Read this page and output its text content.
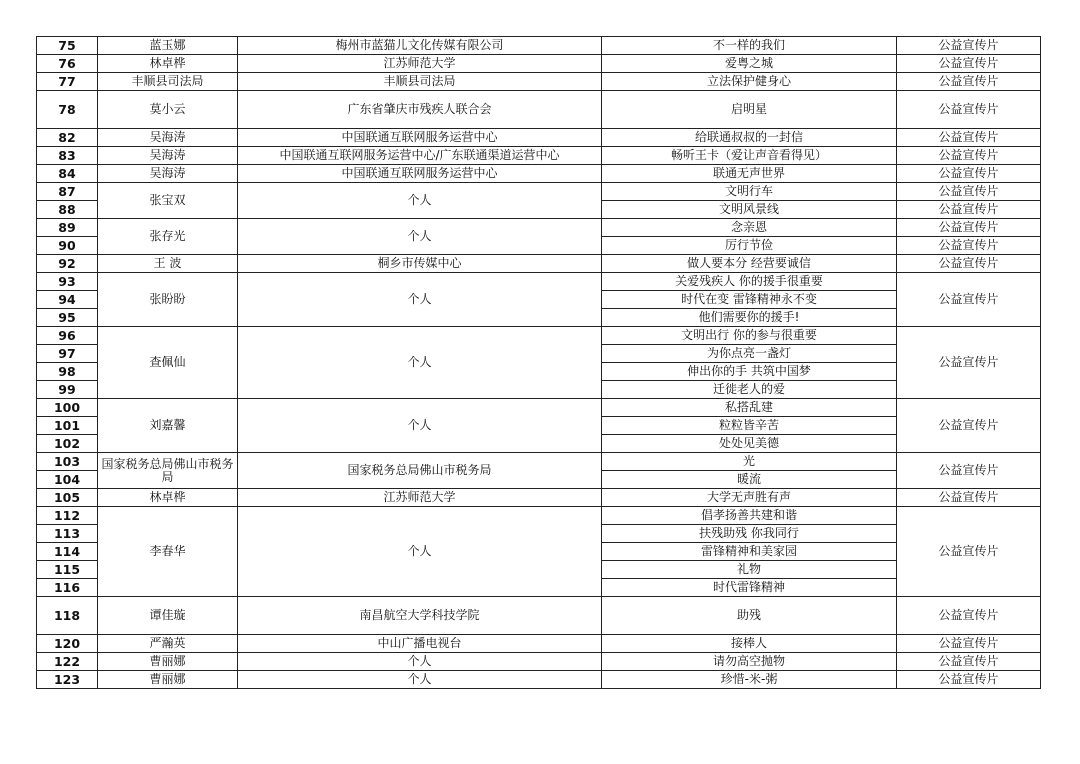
75	蓝玉娜	梅州市蓝猫儿文化传媒有限公司	不一样的我们	公益宣传片
76	林卓桦	江苏师范大学	爱粤之城	公益宣传片
77	丰顺县司法局	丰顺县司法局	立法保护健身心	公益宣传片
78	莫小云	广东省肇庆市残疾人联合会	启明星	公益宣传片
82	吴海涛	中国联通互联网服务运营中心	给联通叔叔的一封信	公益宣传片
83	吴海涛	中国联通互联网服务运营中心/广东联通渠道运营中心	畅听王卡（爱让声音看得见）	公益宣传片
84	吴海涛	中国联通互联网服务运营中心	联通无声世界	公益宣传片
87	张宝双	个人	文明行车	公益宣传片
88			文明风景线	公益宣传片
89	张存光	个人	念亲恩	公益宣传片
90			厉行节俭	公益宣传片
92	王 波	桐乡市传媒中心	做人要本分 经营要诚信	公益宣传片
93	张盼盼	个人	关爱残疾人 你的援手很重要	公益宣传片
94			时代在变 雷锋精神永不变	
95			他们需要你的援手!	
96	查佩仙	个人	文明出行 你的参与很重要	公益宣传片
97			为你点亮一盏灯	
98			伸出你的手 共筑中国梦	
99			迁徙老人的爱	
100	刘嘉馨	个人	私搭乱建	公益宣传片
101			粒粒皆辛苦	
102			处处见美德	
103	国家税务总局佛山市税务局	国家税务总局佛山市税务局	光	公益宣传片
104			暖流	
105	林卓桦	江苏师范大学	大学无声胜有声	公益宣传片
112	李春华	个人	倡孝扬善共建和谐	公益宣传片
113			扶残助残 你我同行	
114			雷锋精神和美家园	
115			礼物	
116			时代雷锋精神	
118	谭佳璇	南昌航空大学科技学院	助残	公益宣传片
120	严瀚英	中山广播电视台	接棒人	公益宣传片
122	曹丽娜	个人	请勿高空抛物	公益宣传片
123	曹丽娜	个人	珍惜-米-粥	公益宣传片
